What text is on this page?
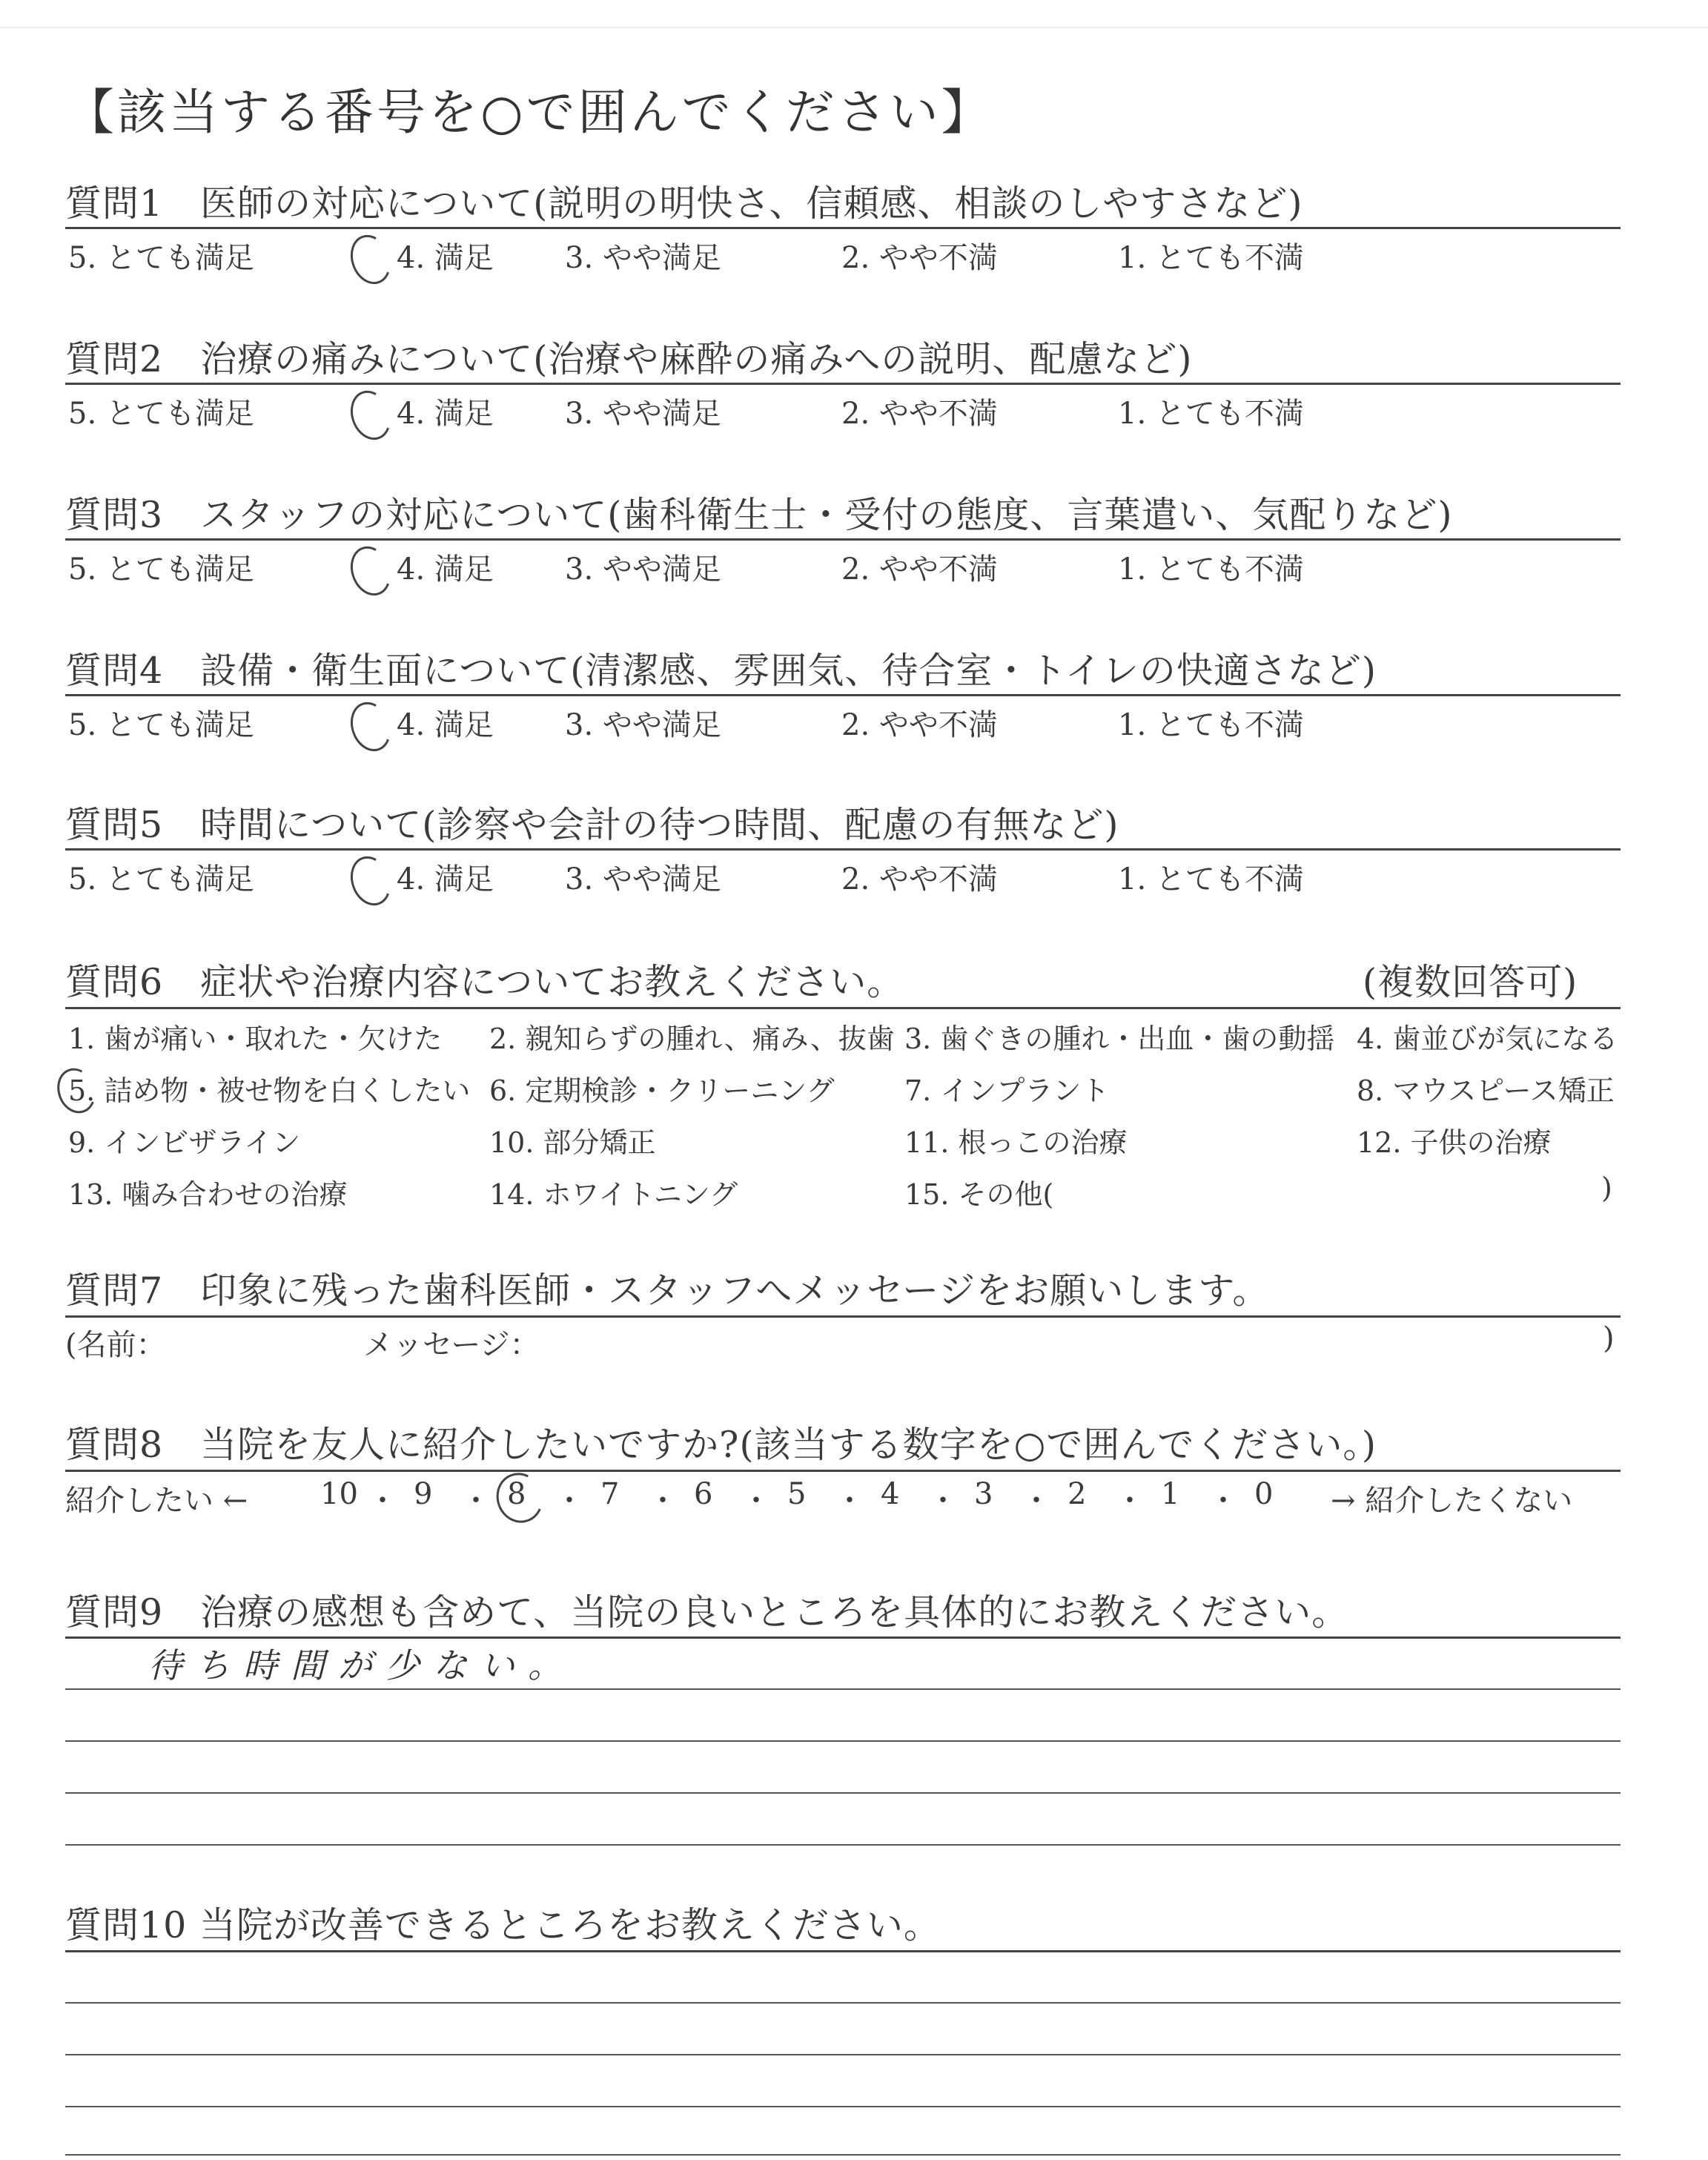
【該当する番号を○で囲んでください】
質問1　医師の対応について(説明の明快さ、信頼感、相談のしやすさなど)
5. とても満足	4. 満足 3. やや満足	2. やや不満	1. とても不満
質問2　治療の痛みについて(治療や麻酔の痛みへの説明、配慮など)
5. とても満足	4. 満足 3. やや満足	2. やや不満	1. とても不満
質問3　スタッフの対応について(歯科衛生士・受付の態度、言葉遣い、気配りなど)
5. とても満足	4. 満足 3. やや満足	2. やや不満	1. とても不満
質問4　設備・衛生面について(清潔感、雰囲気、待合室・トイレの快適さなど)
5. とても満足	4. 満足 3. やや満足	2. やや不満	1. とても不満
質問5　時間について(診察や会計の待つ時間、配慮の有無など)
5. とても満足	4. 満足 3. やや満足	2. やや不満	1. とても不満
質問6　症状や治療内容についてお教えください。	(複数回答可)
1. 歯が痛い・取れた・欠けた 2. 親知らずの腫れ、痛み、抜歯 3. 歯ぐきの腫れ・出血・歯の動揺 4. 歯並びが気になる
5. 詰め物・被せ物を白くしたい 6. 定期検診・クリーニング 7. インプラント	8. マウスピース矯正
9. インビザライン	10. 部分矯正	11. 根っこの治療	12. 子供の治療
13. 噛み合わせの治療	14. ホワイトニング	15. その他(	)
質問7　印象に残った歯科医師・スタッフへメッセージをお願いします。
(名前：	メッセージ：	)
質問8　当院を友人に紹介したいですか?(該当する数字を○で囲んでください。)
紹介したい ← 10 ・ 9 ・ 8 ・ 7 ・ 6 ・ 5 ・ 4 ・ 3 ・ 2 ・ 1 ・ 0 → 紹介したくない
質問9　治療の感想も含めて、当院の良いところを具体的にお教えください。
待ち時間が少ない。
質問10 当院が改善できるところをお教えください。
